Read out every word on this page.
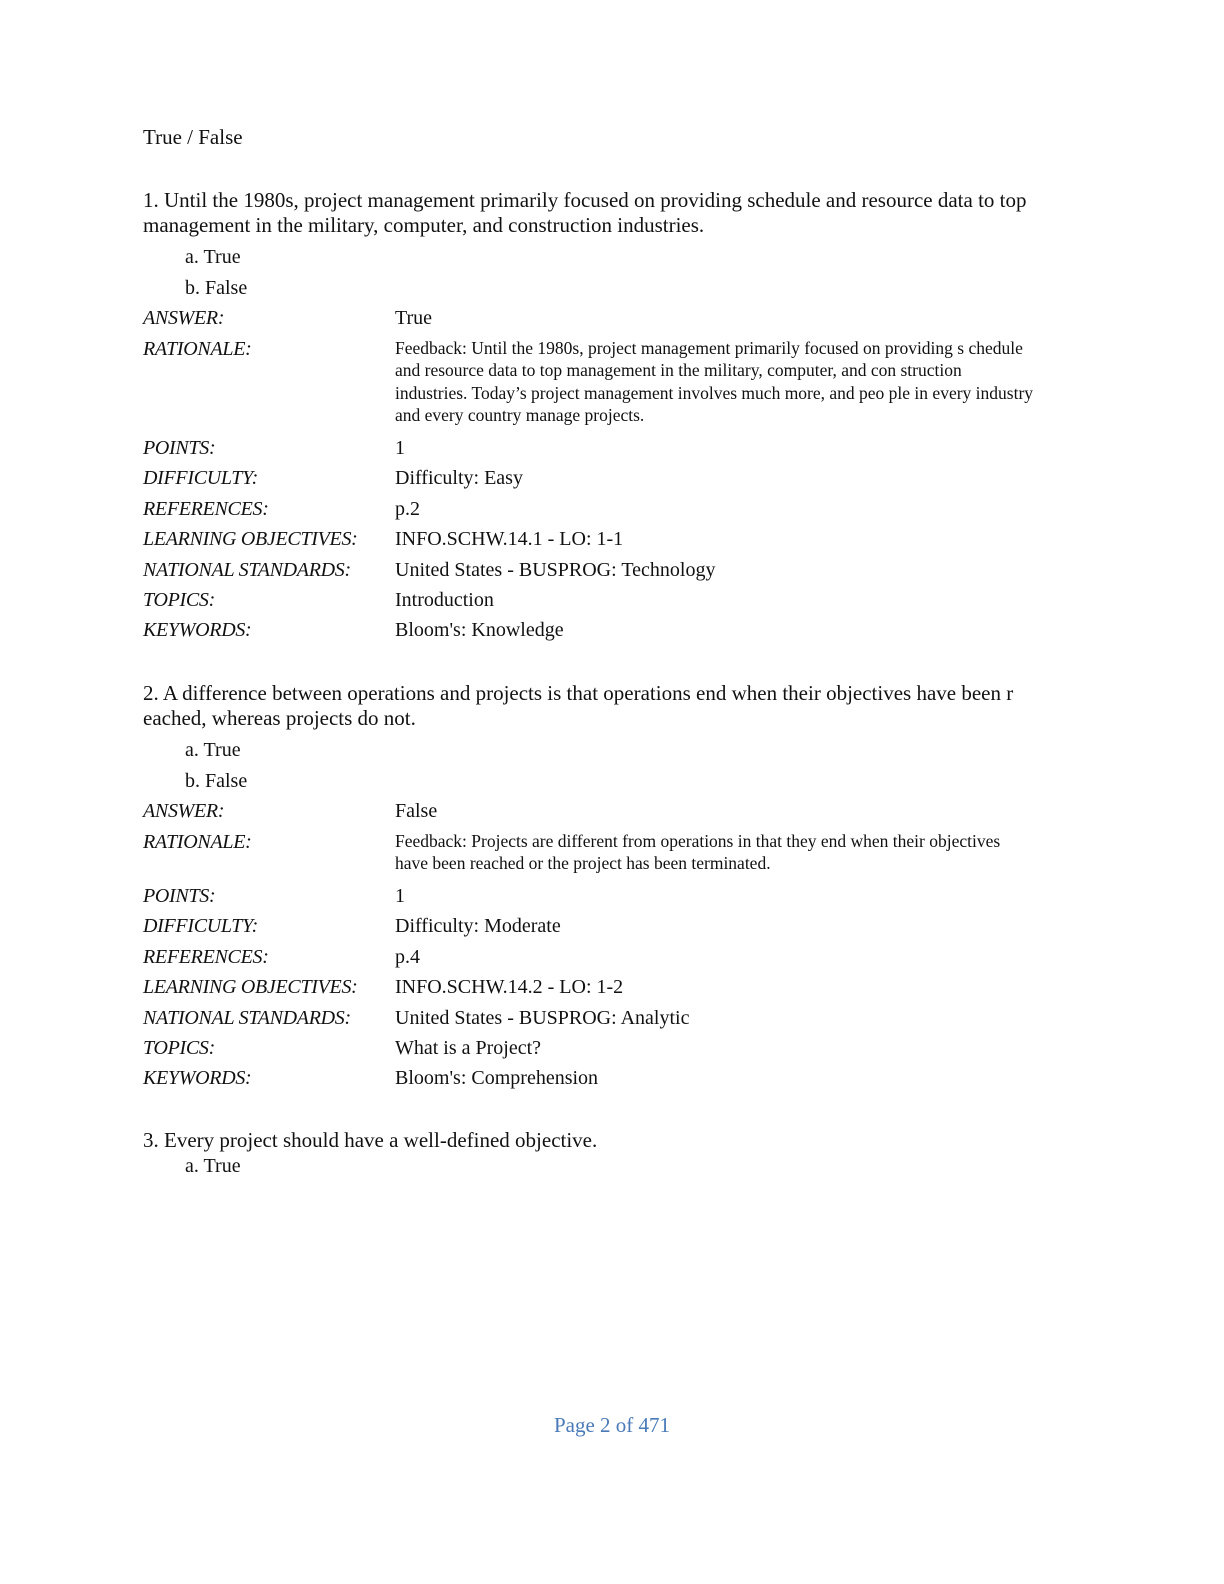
True / False

1. Until the 1980s, project management primarily focused on providing schedule and resource data to top management in the military, computer, and construction industries.

a. True
b. False
ANSWER:	True
RATIONALE:	Feedback: Until the 1980s, project management primarily focused on providing s chedule and resource data to top management in the military, computer, and con struction industries. Today’s project management involves much more, and peo ple in every industry and every country manage projects.
POINTS:	1
DIFFICULTY:	Difficulty: Easy
REFERENCES:	p.2
LEARNING OBJECTIVES:	INFO.SCHW.14.1 - LO: 1-1
NATIONAL STANDARDS:	United States - BUSPROG: Technology
TOPICS:	Introduction
KEYWORDS:	Bloom's: Knowledge

2. A difference between operations and projects is that operations end when their objectives have been r eached, whereas projects do not.

a. True
b. False
ANSWER:	False
RATIONALE:	Feedback: Projects are different from operations in that they end when their objectives have been reached or the project has been terminated.
POINTS:	1
DIFFICULTY:	Difficulty: Moderate
REFERENCES:	p.4
LEARNING OBJECTIVES:	INFO.SCHW.14.2 - LO: 1-2
NATIONAL STANDARDS:	United States - BUSPROG: Analytic
TOPICS:	What is a Project?
KEYWORDS:	Bloom's: Comprehension

3. Every project should have a well-defined objective.

a. True
Page 2 of 471
